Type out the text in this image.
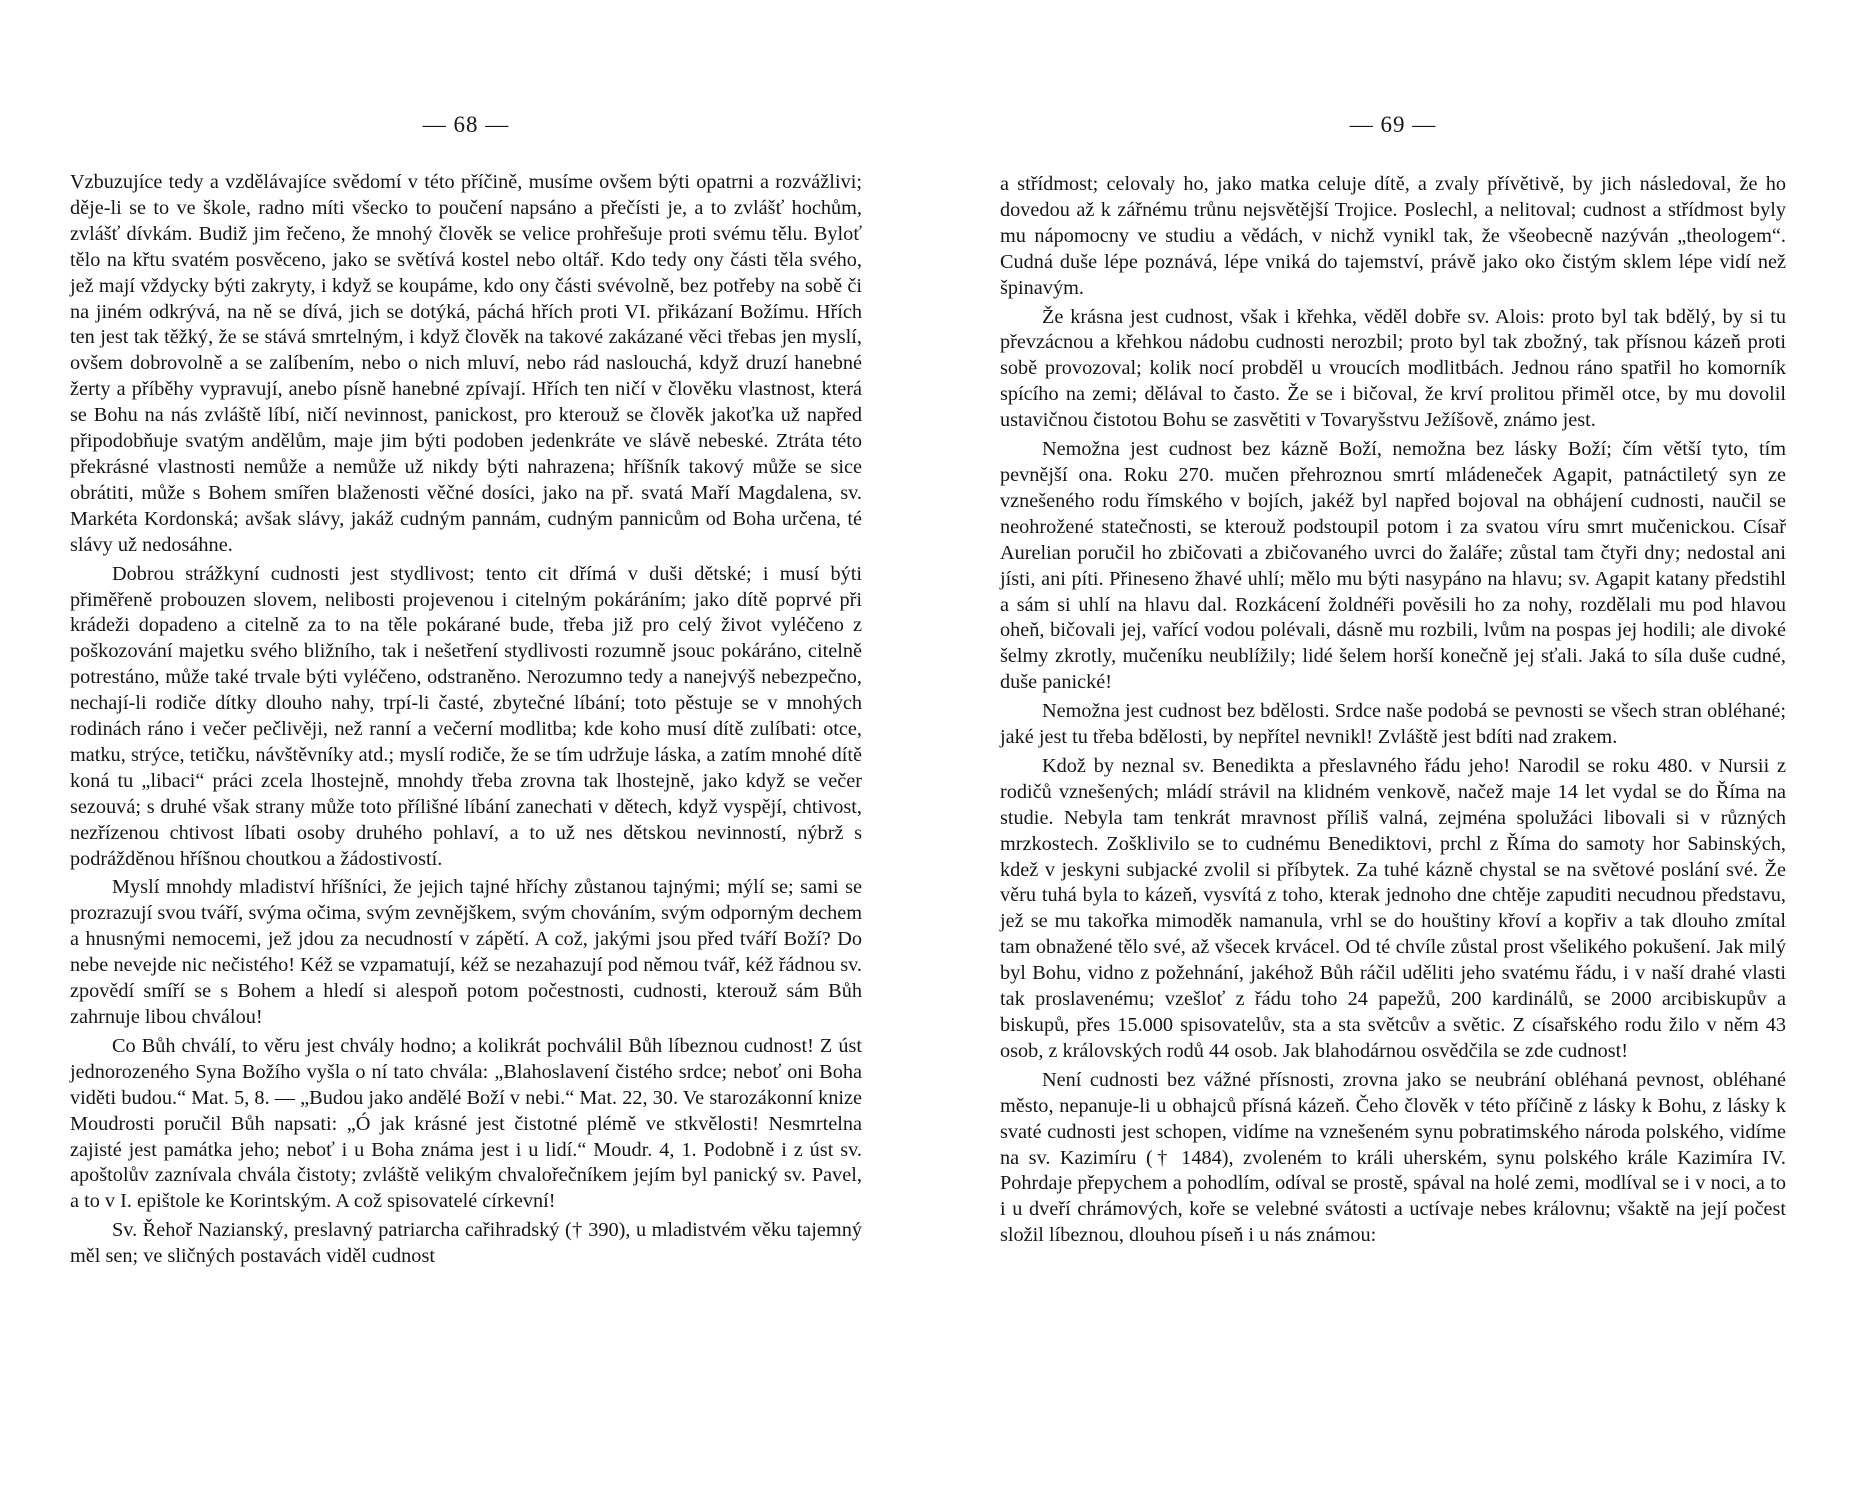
— 68 —

Vzbuzujíce tedy a vzdělávajíce svědomí v této příčině, musíme ovšem býti opatrni a rozvážlivi; děje-li se to ve škole, radno míti všecko to poučení napsáno a přečísti je, a to zvlášť hochům, zvlášť dívkám. Budiž jim řečeno, že mnohý člověk se velice prohřešuje proti svému tělu. Byloť tělo na křtu svatém posvěceno, jako se světívá kostel nebo oltář. Kdo tedy ony části těla svého, jež mají vždycky býti zakryty, i když se koupáme, kdo ony části svévolně, bez potřeby na sobě či na jiném odkrývá, na ně se dívá, jich se dotýká, páchá hřích proti VI. přikázaní Božímu. Hřích ten jest tak těžký, že se stává smrtelným, i když člověk na takové zakázané věci třebas jen myslí, ovšem dobrovolně a se zalíbením, nebo o nich mluví, nebo rád naslouchá, když druzí hanebné žerty a příběhy vypravují, anebo písně hanebné zpívají. Hřích ten ničí v člověku vlastnost, která se Bohu na nás zvláště líbí, ničí nevinnost, panickost, pro kterouž se člověk jakoťka už napřed připodobňuje svatým andělům, maje jim býti podoben jedenkráte ve slávě nebeské. Ztráta této překrásné vlastnosti nemůže a nemůže už nikdy býti nahrazena; hříšník takový může se sice obrátiti, může s Bohem smířen blaženosti věčné dosíci, jako na př. svatá Maří Magdalena, sv. Markéta Kordonská; avšak slávy, jakáž cudným pannám, cudným pannicům od Boha určena, té slávy už nedosáhne.

Dobrou strážkyní cudnosti jest stydlivost; tento cit dřímá v duši dětské; i musí býti přiměřeně probouzen slovem, nelibosti projevenou i citelným pokáráním; jako dítě poprvé při krádeži dopadeno a citelně za to na těle pokárané bude, třeba již pro celý život vyléčeno z poškozování majetku svého bližního, tak i nešetření stydlivosti rozumně jsouc pokáráno, citelně potrestáno, může také trvale býti vyléčeno, odstraněno. Nerozumno tedy a nanejvýš nebezpečno, nechají-li rodiče dítky dlouho nahy, trpí-li časté, zbytečné líbání; toto pěstuje se v mnohých rodinách ráno i večer pečlivěji, než ranní a večerní modlitba; kde koho musí dítě zulíbati: otce, matku, strýce, tetičku, návštěvníky atd.; myslí rodiče, že se tím udržuje láska, a zatím mnohé dítě koná tu „libaci“ práci zcela lhostejně, mnohdy třeba zrovna tak lhostejně, jako když se večer sezouvá; s druhé však strany může toto přílišné líbání zanechati v dětech, když vyspějí, chtivost, nezřízenou chtivost líbati osoby druhého pohlaví, a to už nes dětskou nevinností, nýbrž s podrážděnou hříšnou choutkou a žádostivostí.

Myslí mnohdy mladiství hříšníci, že jejich tajné hříchy zůstanou tajnými; mýlí se; sami se prozrazují svou tváří, svýma očima, svým zevnějškem, svým chováním, svým odporným dechem a hnusnými nemocemi, jež jdou za necudností v zápětí. A což, jakými jsou před tváří Boží? Do nebe nevejde nic nečistého! Kéž se vzpamatují, kéž se nezahazují pod němou tvář, kéž řádnou sv. zpovědí smíří se s Bohem a hledí si alespoň potom počestnosti, cudnosti, kterouž sám Bůh zahrnuje libou chválou!

Co Bůh chválí, to věru jest chvály hodno; a kolikrát pochválil Bůh líbeznou cudnost! Z úst jednorozeného Syna Božího vyšla o ní tato chvála: „Blahoslavení čistého srdce; neboť oni Boha viděti budou.“ Mat. 5, 8. — „Budou jako andělé Boží v nebi.“ Mat. 22, 30. Ve starozákonní knize Moudrosti poručil Bůh napsati: „Ó jak krásné jest čistotné plémě ve stkvělosti! Nesmrtelna zajisté jest památka jeho; neboť i u Boha známa jest i u lidí.“ Moudr. 4, 1. Podobně i z úst sv. apoštolův zaznívala chvála čistoty; zvláště velikým chvalořečníkem jejím byl panický sv. Pavel, a to v I. epištole ke Korintským. A což spisovatelé církevní!

Sv. Řehoř Nazianský, preslavný patriarcha cařihradský († 390), u mladistvém věku tajemný měl sen; ve sličných postavách viděl cudnost

— 69 —

a střídmost; celovaly ho, jako matka celuje dítě, a zvaly přívětivě, by jich následoval, že ho dovedou až k zářnému trůnu nejsvětější Trojice. Poslechl, a nelitoval; cudnost a střídmost byly mu nápomocny ve studiu a vědách, v nichž vynikl tak, že všeobecně nazýván „theologem“. Cudná duše lépe poznává, lépe vniká do tajemství, právě jako oko čistým sklem lépe vidí než špinavým.

Že krásna jest cudnost, však i křehka, věděl dobře sv. Alois: proto byl tak bdělý, by si tu převzácnou a křehkou nádobu cudnosti nerozbil; proto byl tak zbožný, tak přísnou kázeň proti sobě provozoval; kolik nocí probděl u vroucích modlitbách. Jednou ráno spatřil ho komorník spícího na zemi; dělával to často. Že se i bičoval, že krví prolitou přiměl otce, by mu dovolil ustavičnou čistotou Bohu se zasvětiti v Tovaryšstvu Ježíšově, známo jest.

Nemožna jest cudnost bez kázně Boží, nemožna bez lásky Boží; čím větší tyto, tím pevnější ona. Roku 270. mučen přehroznou smrtí mládeneček Agapit, patnáctiletý syn ze vznešeného rodu římského v bojích, jakéž byl napřed bojoval na obhájení cudnosti, naučil se neohrožené statečnosti, se kterouž podstoupil potom i za svatou víru smrt mučenickou. Císař Aurelian poručil ho zbičovati a zbičovaného uvrci do žaláře; zůstal tam čtyři dny; nedostal ani jísti, ani píti. Přineseno žhavé uhlí; mělo mu býti nasypáno na hlavu; sv. Agapit katany předstihl a sám si uhlí na hlavu dal. Rozkácení žoldnéři pověsili ho za nohy, rozdělali mu pod hlavou oheň, bičovali jej, vařící vodou polévali, dásně mu rozbili, lvům na pospas jej hodili; ale divoké šelmy zkrotly, mučeníku neublížily; lidé šelem horší konečně jej sťali. Jaká to síla duše cudné, duše panické!

Nemožna jest cudnost bez bdělosti. Srdce naše podobá se pevnosti se všech stran obléhané; jaké jest tu třeba bdělosti, by nepřítel nevnikl! Zvláště jest bdíti nad zrakem.

Kdož by neznal sv. Benedikta a přeslavného řádu jeho! Narodil se roku 480. v Nursii z rodičů vznešených; mládí strávil na klidném venkově, načež maje 14 let vydal se do Říma na studie. Nebyla tam tenkrát mravnost příliš valná, zejména spolužáci libovali si v různých mrzkostech. Zošklivilo se to cudnému Benediktovi, prchl z Říma do samoty hor Sabinských, kdež v jeskyni subjacké zvolil si příbytek. Za tuhé kázně chystal se na světové poslání své. Že věru tuhá byla to kázeň, vysvítá z toho, kterak jednoho dne chtěje zapuditi necudnou představu, jež se mu takořka mimoděk namanula, vrhl se do houštiny křoví a kopřiv a tak dlouho zmítal tam obnažené tělo své, až všecek krvácel. Od té chvíle zůstal prost všelikého pokušení. Jak milý byl Bohu, vidno z požehnání, jakéhož Bůh ráčil uděliti jeho svatému řádu, i v naší drahé vlasti tak proslavenému; vzešloť z řádu toho 24 papežů, 200 kardinálů, se 2000 arcibiskupův a biskupů, přes 15.000 spisovatelův, sta a sta světcův a světic. Z císařského rodu žilo v něm 43 osob, z královských rodů 44 osob. Jak blahodárnou osvědčila se zde cudnost!

Není cudnosti bez vážné přísnosti, zrovna jako se neubrání obléhaná pevnost, obléhané město, nepanuje-li u obhajců přísná kázeň. Čeho člověk v této příčině z lásky k Bohu, z lásky k svaté cudnosti jest schopen, vidíme na vznešeném synu pobratimského národa polského, vidíme na sv. Kazimíru († 1484), zvoleném to králi uherském, synu polského krále Kazimíra IV. Pohrdaje přepychem a pohodlím, odíval se prostě, spával na holé zemi, modlíval se i v noci, a to i u dveří chrámových, koře se velebné svátosti a uctívaje nebes královnu; všaktě na její počest složil líbeznou, dlouhou píseň i u nás známou:
